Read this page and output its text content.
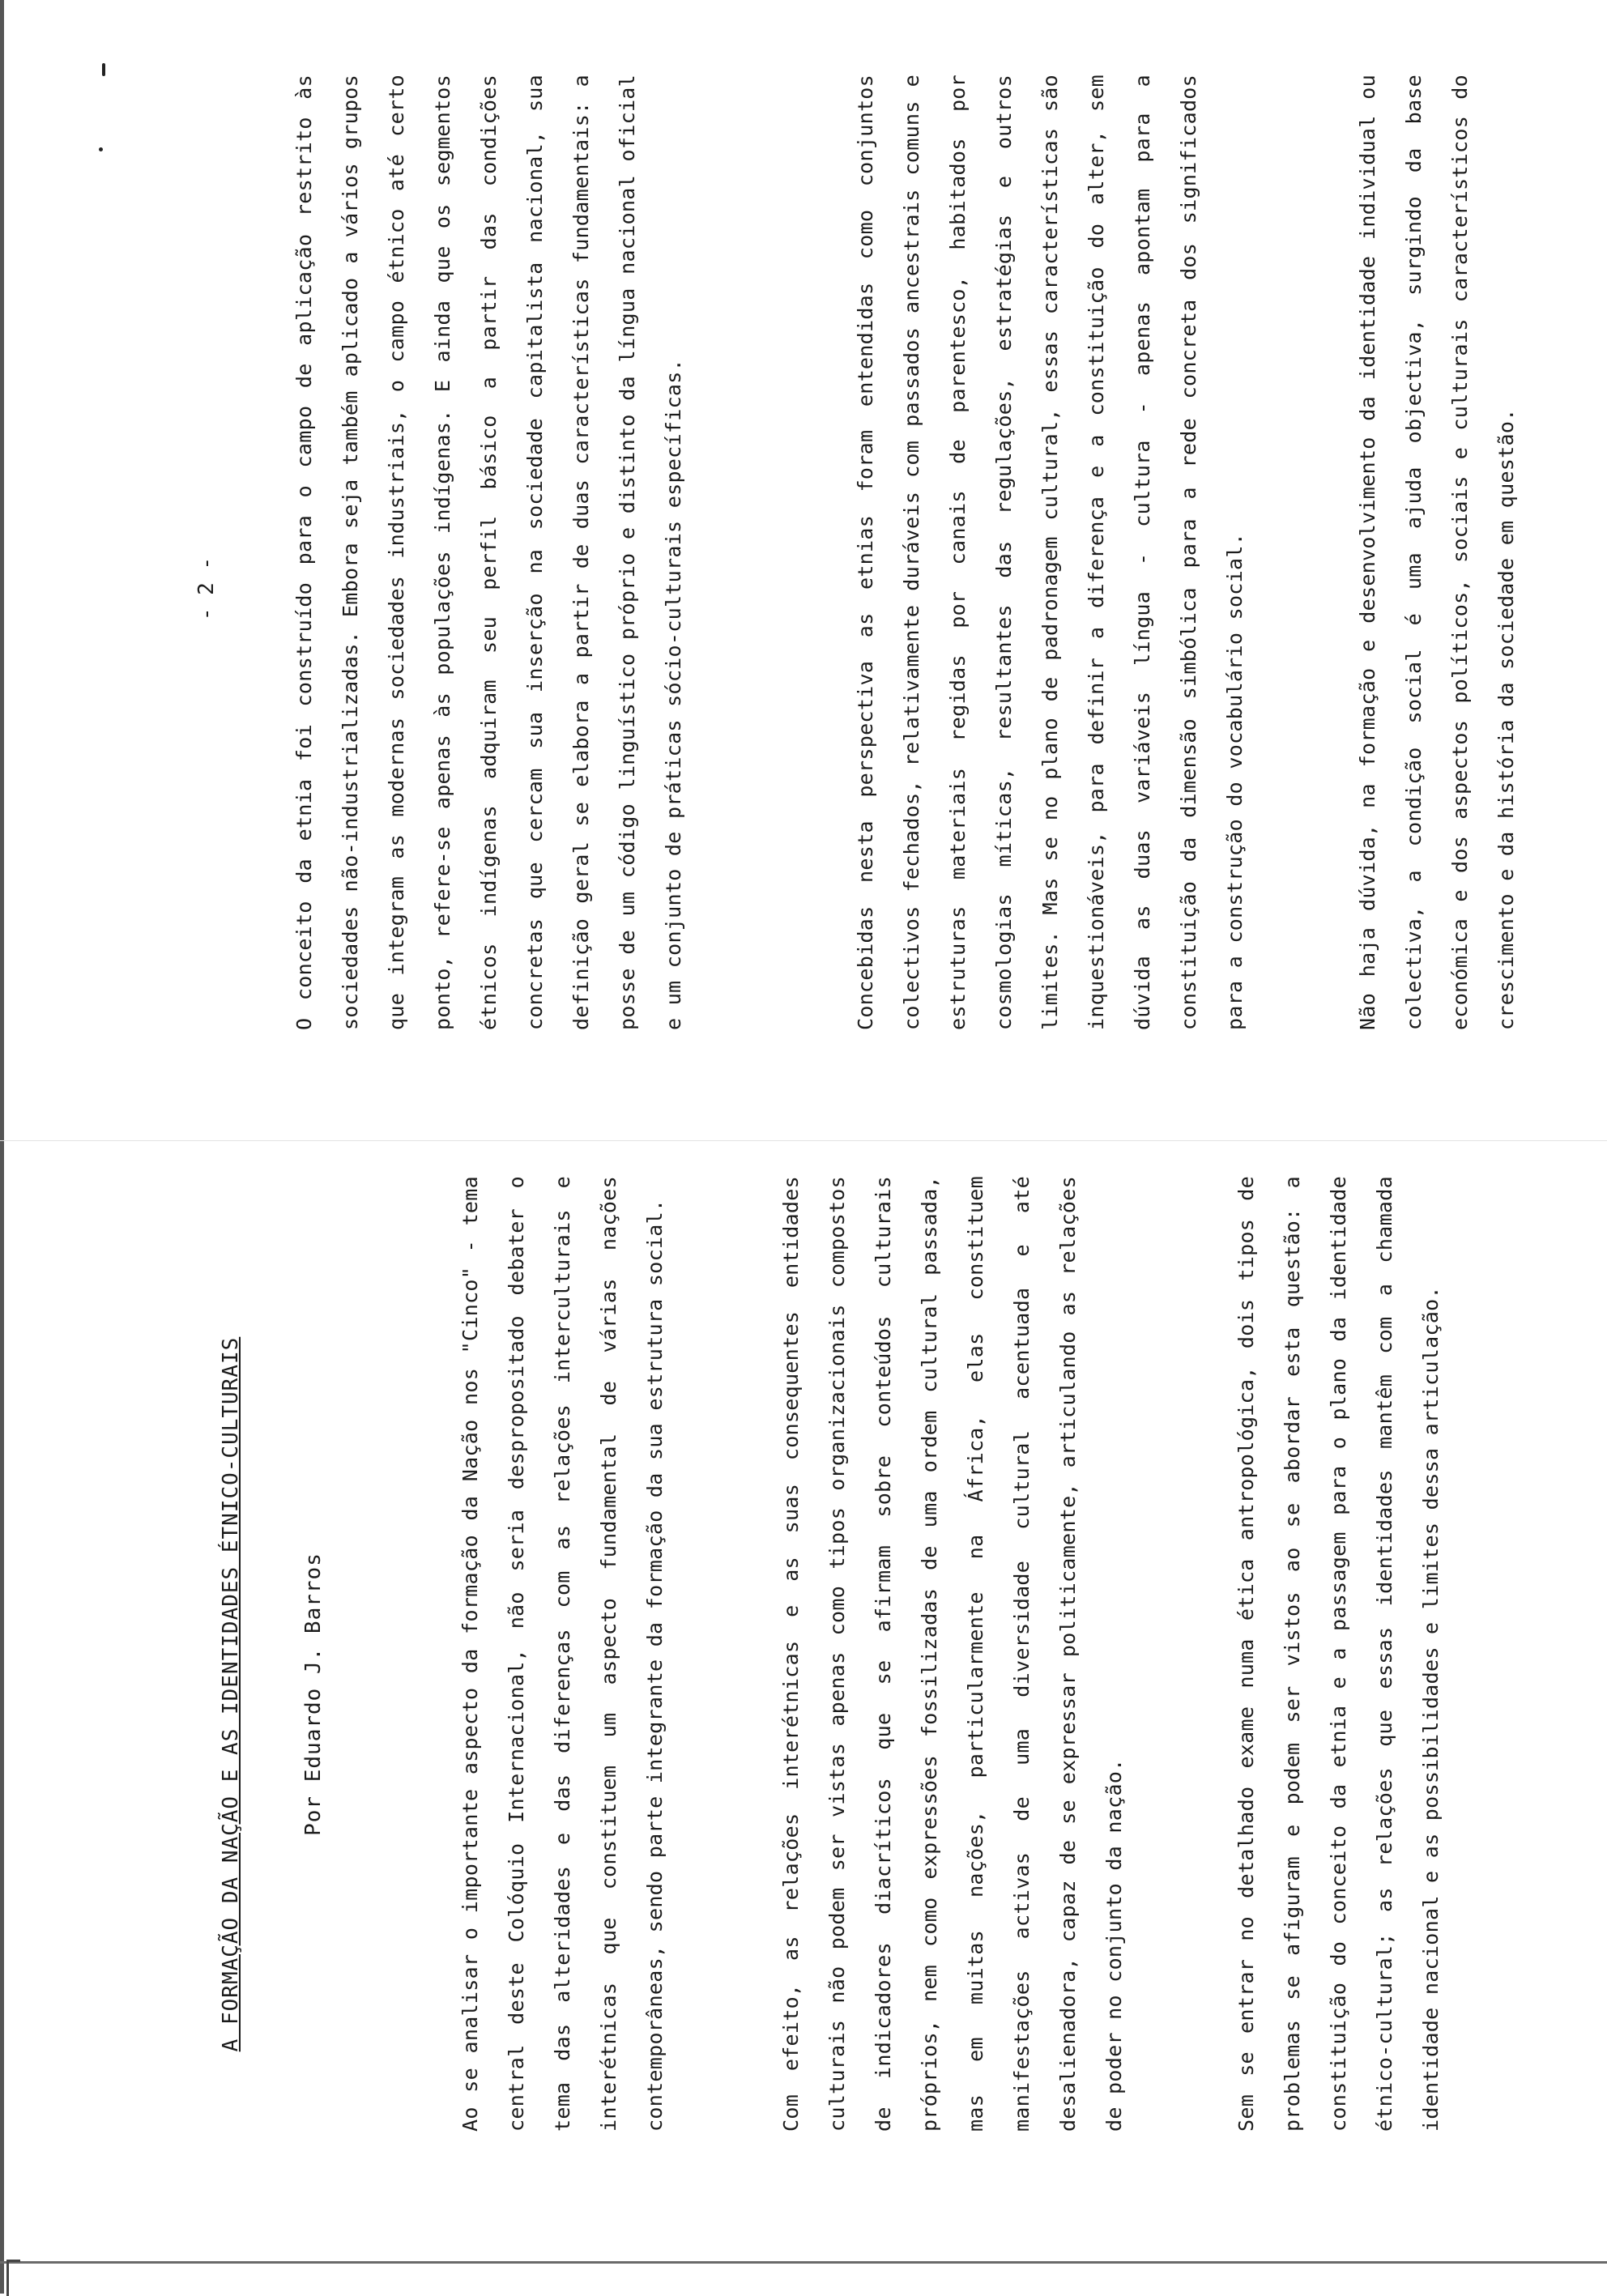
A FORMAÇÃO DA NAÇÃO E AS IDENTIDADES ÉTNICO-CULTURAIS	Por Eduardo J. Barros

- 2 -

Ao se analisar o importante aspecto da formação da Nação nos "Cinco" - tema central deste Colóquio Internacional, não seria despropositado debater o tema das alteridades e das diferenças com as relações interculturais e interétnicas que constituem um aspecto fundamental de várias nações contemporâneas, sendo parte integrante da formação da sua estrutura social.	Com efeito, as relações interétnicas e as suas consequentes entidades culturais não podem ser vistas apenas como tipos organizacionais compostos de indicadores diacríticos que se afirmam sobre conteúdos culturais próprios, nem como expressões fossilizadas de uma ordem cultural passada, mas em muitas nações, particularmente na África, elas constituem manifestações activas de uma diversidade cultural acentuada e até desalienadora, capaz de se expressar politicamente, articulando as relações de poder no conjunto da nação.	Sem se entrar no detalhado exame numa ética antropológica, dois tipos de problemas se afiguram e podem ser vistos ao se abordar esta questão: a constituição do conceito da etnia e a passagem para o plano da identidade étnico-cultural; as relações que essas identidades mantêm com a chamada identidade nacional e as possibilidades e limites dessa articulação.

O conceito da etnia foi construído para o campo de aplicação restrito às sociedades não-industrializadas. Embora seja também aplicado a vários grupos que integram as modernas sociedades industriais, o campo étnico até certo ponto, refere-se apenas às populações indígenas. E ainda que os segmentos étnicos indígenas adquiram seu perfil básico a partir das condições concretas que cercam sua inserção na sociedade capitalista nacional, sua definição geral se elabora a partir de duas características fundamentais: a posse de um código linguístico próprio e distinto da língua nacional oficial e um conjunto de práticas sócio-culturais específicas.	Concebidas nesta perspectiva as etnias foram entendidas como conjuntos colectivos fechados, relativamente duráveis com passados ancestrais comuns e estruturas materiais regidas por canais de parentesco, habitados por cosmologias míticas, resultantes das regulações, estratégias e outros limites. Mas se no plano de padronagem cultural, essas características são inquestionáveis, para definir a diferença e a constituição do alter, sem dúvida as duas variáveis língua - cultura - apenas apontam para a constituição da dimensão simbólica para a rede concreta dos significados para a construção do vocabulário social.	Não haja dúvida, na formação e desenvolvimento da identidade individual ou colectiva, a condição social é uma ajuda objectiva, surgindo da base económica e dos aspectos políticos, sociais e culturais característicos do crescimento e da história da sociedade em questão.
